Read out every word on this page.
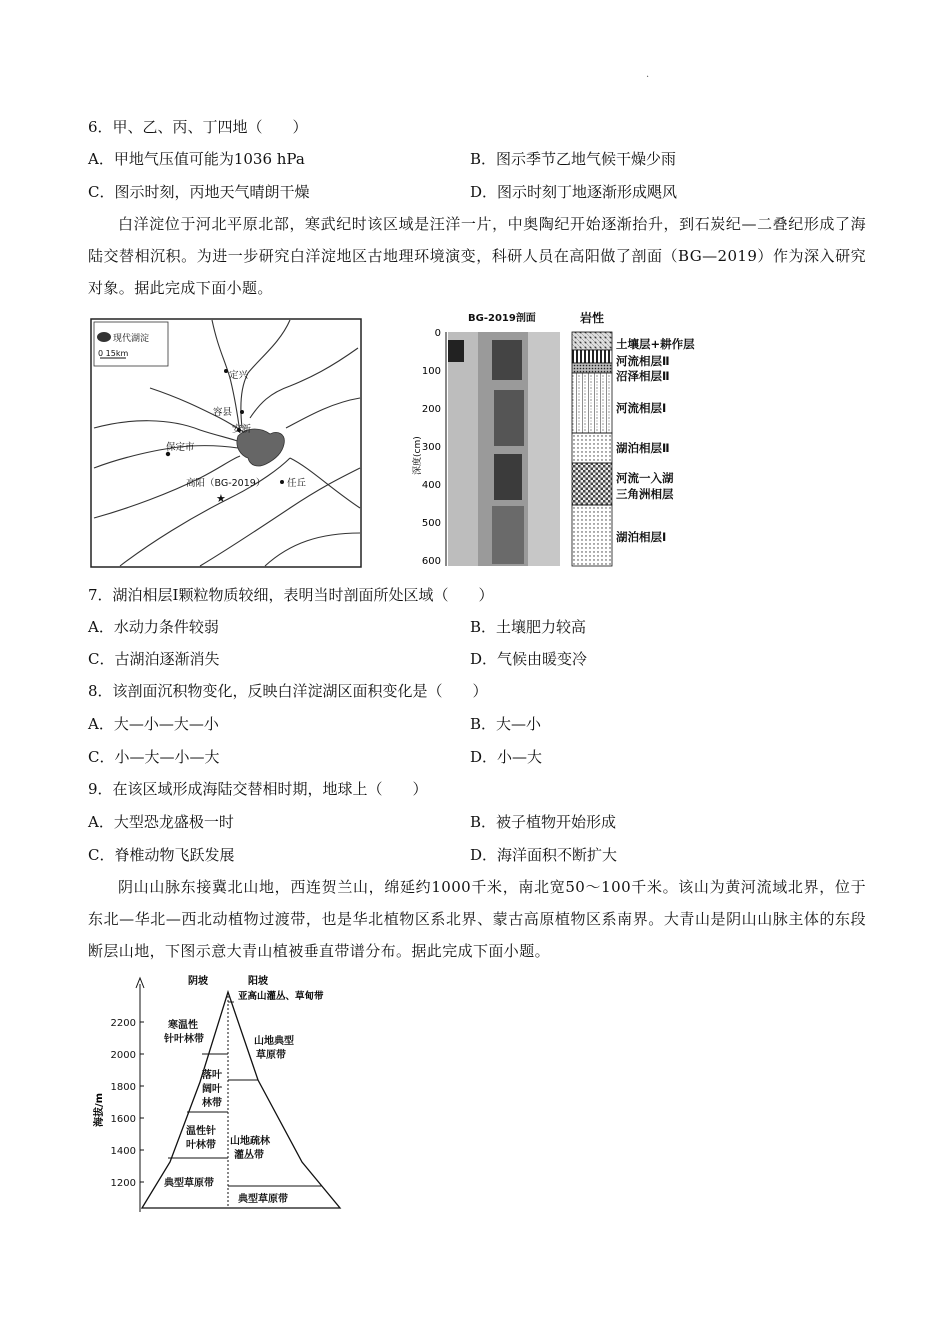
·
6．甲、乙、丙、丁四地（　　）
A．甲地气压值可能为1036 hPa	B．图示季节乙地气候干燥少雨
C．图示时刻，丙地天气晴朗干燥	D．图示时刻丁地逐渐形成飓风
白洋淀位于河北平原北部，寒武纪时该区域是汪洋一片，中奥陶纪开始逐渐抬升，到石炭纪—二叠纪形成了海陆交替相沉积。为进一步研究白洋淀地区古地理环境演变，科研人员在高阳做了剖面（BG—2019）作为深入研究对象。据此完成下面小题。
现代湖淀
0 15km
定兴
容县
安新
保定市
高阳（BG-2019）
★
任丘
BG-2019剖面	岩性
0
100
200
300
400
500
600
深度(cm)
土壤层+耕作层
河流相层Ⅱ
沼泽相层Ⅱ
河流相层Ⅰ
湖泊相层Ⅱ
河流一入湖
三角洲相层
湖泊相层Ⅰ
7．湖泊相层I颗粒物质较细，表明当时剖面所处区域（　　）
A．水动力条件较弱	B．土壤肥力较高
C．古湖泊逐渐消失	D．气候由暖变冷
8．该剖面沉积物变化，反映白洋淀湖区面积变化是（　　）
A．大—小—大—小	B．大—小
C．小—大—小—大	D．小—大
9．在该区域形成海陆交替相时期，地球上（　　）
A．大型恐龙盛极一时	B．被子植物开始形成
C．脊椎动物飞跃发展	D．海洋面积不断扩大
阴山山脉东接冀北山地，西连贺兰山，绵延约1000千米，南北宽50～100千米。该山为黄河流域北界，位于东北—华北—西北动植物过渡带，也是华北植物区系北界、蒙古高原植物区系南界。大青山是阴山山脉主体的东段断层山地，下图示意大青山植被垂直带谱分布。据此完成下面小题。
海拔/m
1200
1400
1600
1800
2000
2200
阴坡	阳坡
亚高山灌丛、草甸带
寒温性
针叶林带
落叶
阔叶
林带
温性针
叶林带
典型草原带
山地典型
草原带
山地疏林
灌丛带
典型草原带
